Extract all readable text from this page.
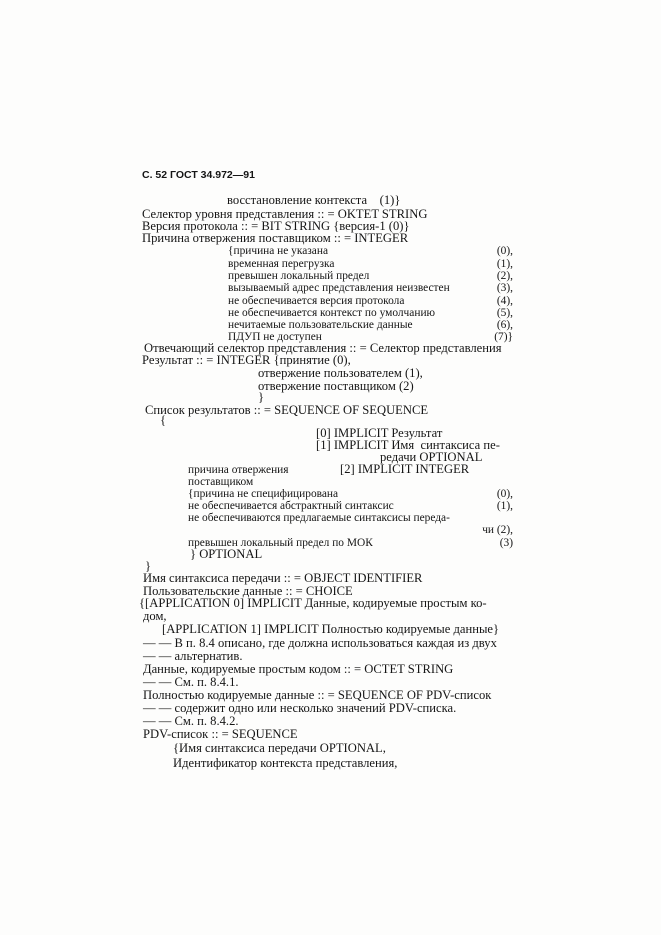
С. 52 ГОСТ 34.972—91
восстановление контекста    (1)}
Селектор уровня представления :: = OKTET STRING
Версия протокола :: = BIT STRING {версия-1 (0)}
Причина отвержения поставщиком :: = INTEGER
{причина не указана	(0),
временная перегрузка	(1),
превышен локальный предел	(2),
вызываемый адрес представления неизвестен	(3),
не обеспечивается версия протокола	(4),
не обеспечивается контекст по умолчанию	(5),
нечитаемые пользовательские данные	(6),
ПДУП не доступен	(7)}
Отвечающий селектор представления :: = Селектор представления
Результат :: = INTEGER {принятие (0),
отвержение пользователем (1),
отвержение поставщиком (2)
}
Список результатов :: = SEQUENCE OF SEQUENCE
{
[0] IMPLICIT Результат
[1] IMPLICIT Имя  синтаксиса пе-
редачи OPTIONAL
причина отвержения	[2] IMPLICIT INTEGER
поставщиком
{причина не специфицирована	(0),
не обеспечивается абстрактный синтаксис	(1),
не обеспечиваются предлагаемые синтаксисы переда-
чи (2),
превышен локальный предел по МОК	(3)
} OPTIONAL
}
Имя синтаксиса передачи :: = OBJECT IDENTIFIER
Пользовательские данные :: = CHOICE
{[APPLICATION 0] IMPLICIT Данные, кодируемые простым ко-
дом,
[APPLICATION 1] IMPLICIT Полностью кодируемые данные}
— — В п. 8.4 описано, где должна использоваться каждая из двух
— — альтернатив.
Данные, кодируемые простым кодом :: = OCTET STRING
— — См. п. 8.4.1.
Полностью кодируемые данные :: = SEQUENCE OF PDV-список
— — содержит одно или несколько значений PDV-списка.
— — См. п. 8.4.2.
PDV-список :: = SEQUENCE
{Имя синтаксиса передачи OPTIONAL,
Идентификатор контекста представления,
